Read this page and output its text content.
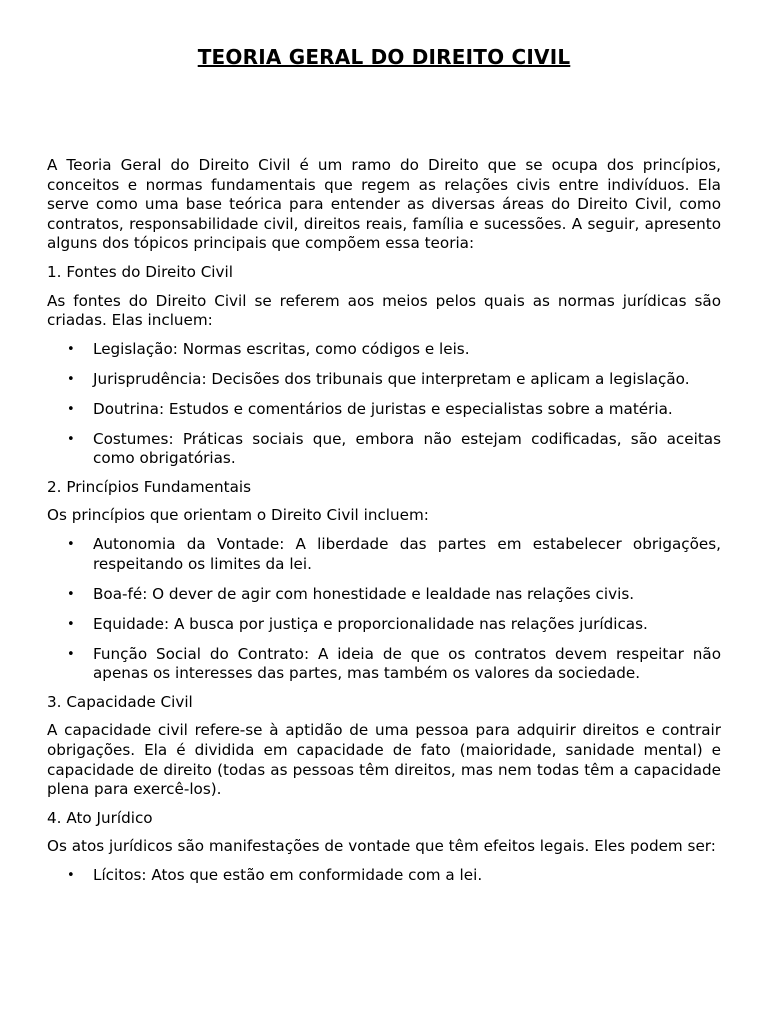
TEORIA GERAL DO DIREITO CIVIL

A Teoria Geral do Direito Civil é um ramo do Direito que se ocupa dos princípios, conceitos e normas fundamentais que regem as relações civis entre indivíduos. Ela serve como uma base teórica para entender as diversas áreas do Direito Civil, como contratos, responsabilidade civil, direitos reais, família e sucessões. A seguir, apresento alguns dos tópicos principais que compõem essa teoria:

1. Fontes do Direito Civil

As fontes do Direito Civil se referem aos meios pelos quais as normas jurídicas são criadas. Elas incluem:

• Legislação: Normas escritas, como códigos e leis.
• Jurisprudência: Decisões dos tribunais que interpretam e aplicam a legislação.
• Doutrina: Estudos e comentários de juristas e especialistas sobre a matéria.
• Costumes: Práticas sociais que, embora não estejam codificadas, são aceitas como obrigatórias.

2. Princípios Fundamentais

Os princípios que orientam o Direito Civil incluem:

• Autonomia da Vontade: A liberdade das partes em estabelecer obrigações, respeitando os limites da lei.
• Boa-fé: O dever de agir com honestidade e lealdade nas relações civis.
• Equidade: A busca por justiça e proporcionalidade nas relações jurídicas.
• Função Social do Contrato: A ideia de que os contratos devem respeitar não apenas os interesses das partes, mas também os valores da sociedade.

3. Capacidade Civil

A capacidade civil refere-se à aptidão de uma pessoa para adquirir direitos e contrair obrigações. Ela é dividida em capacidade de fato (maioridade, sanidade mental) e capacidade de direito (todas as pessoas têm direitos, mas nem todas têm a capacidade plena para exercê-los).

4. Ato Jurídico

Os atos jurídicos são manifestações de vontade que têm efeitos legais. Eles podem ser:

• Lícitos: Atos que estão em conformidade com a lei.
